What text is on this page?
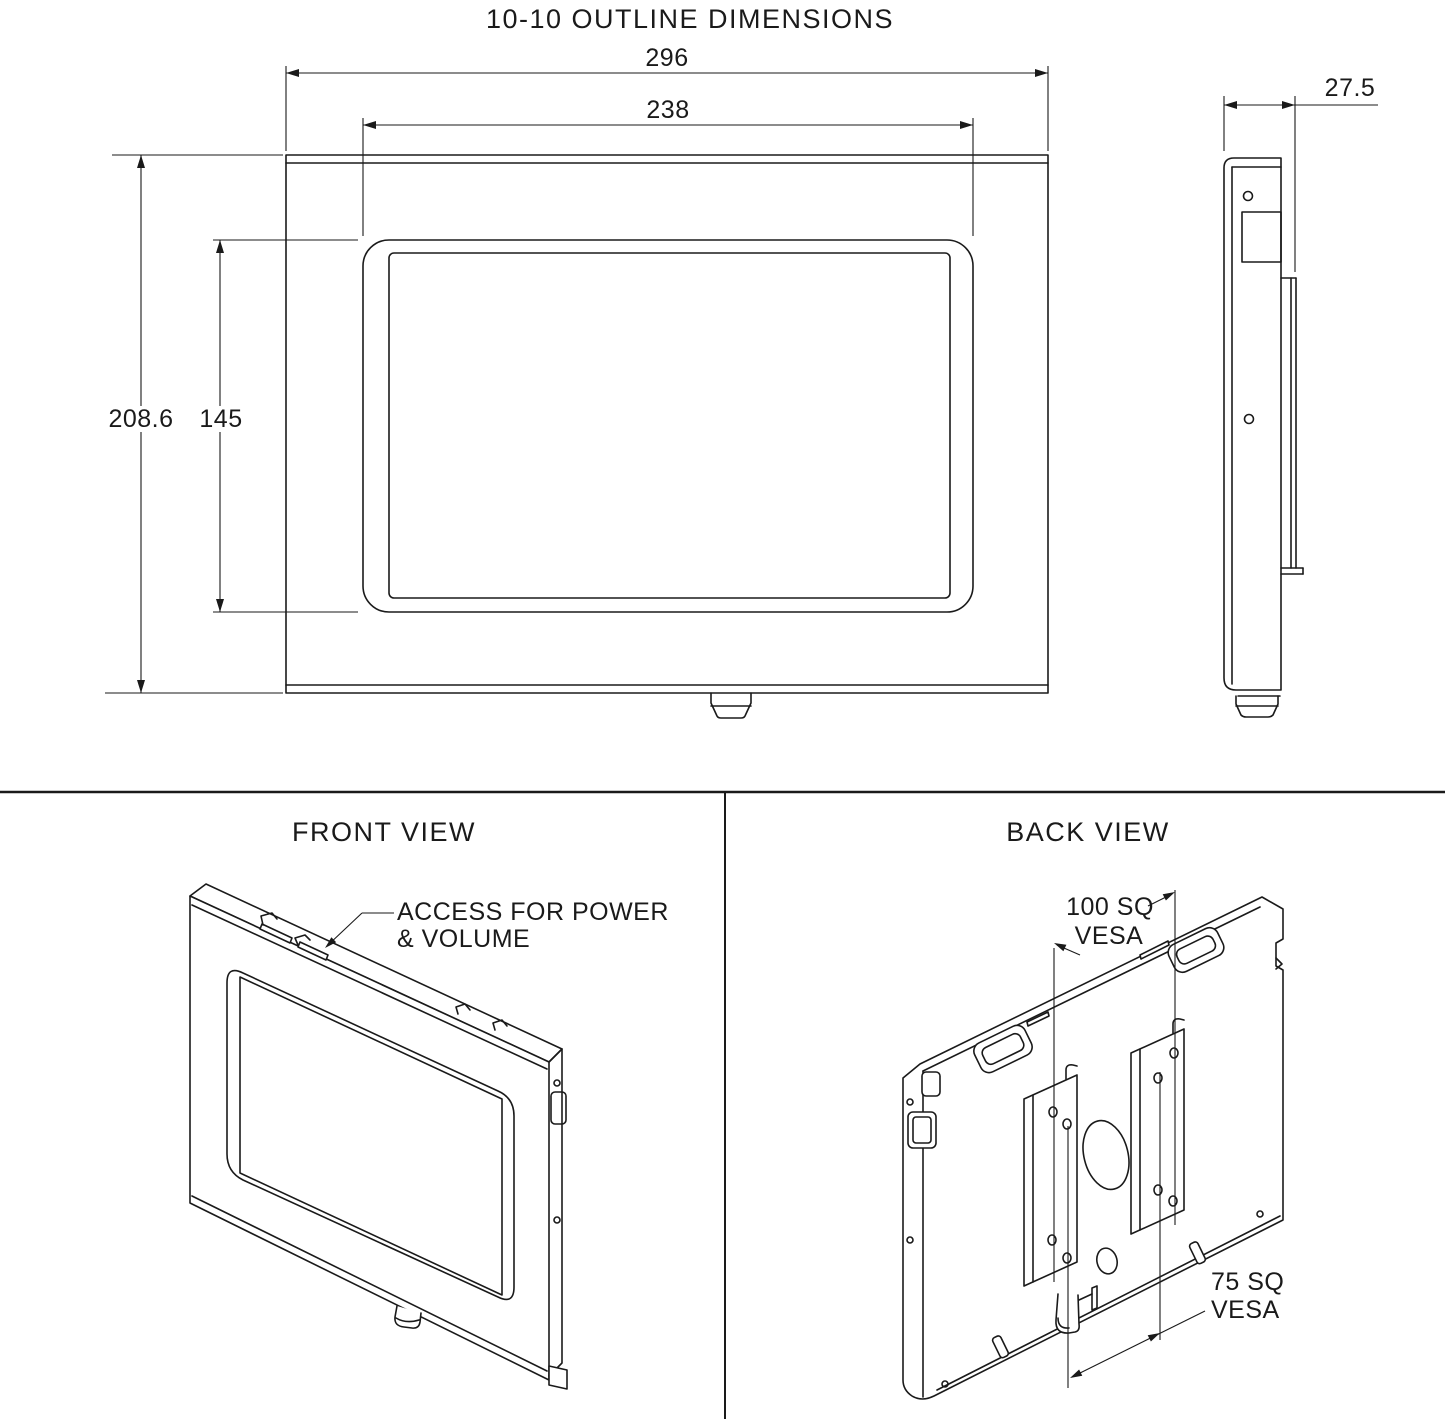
10-10 OUTLINE DIMENSIONS
296
238
208.6 145
27.5
FRONT VIEW	BACK VIEW
ACCESS FOR POWER
& VOLUME
100 SQ
VESA
75 SQ
VESA
